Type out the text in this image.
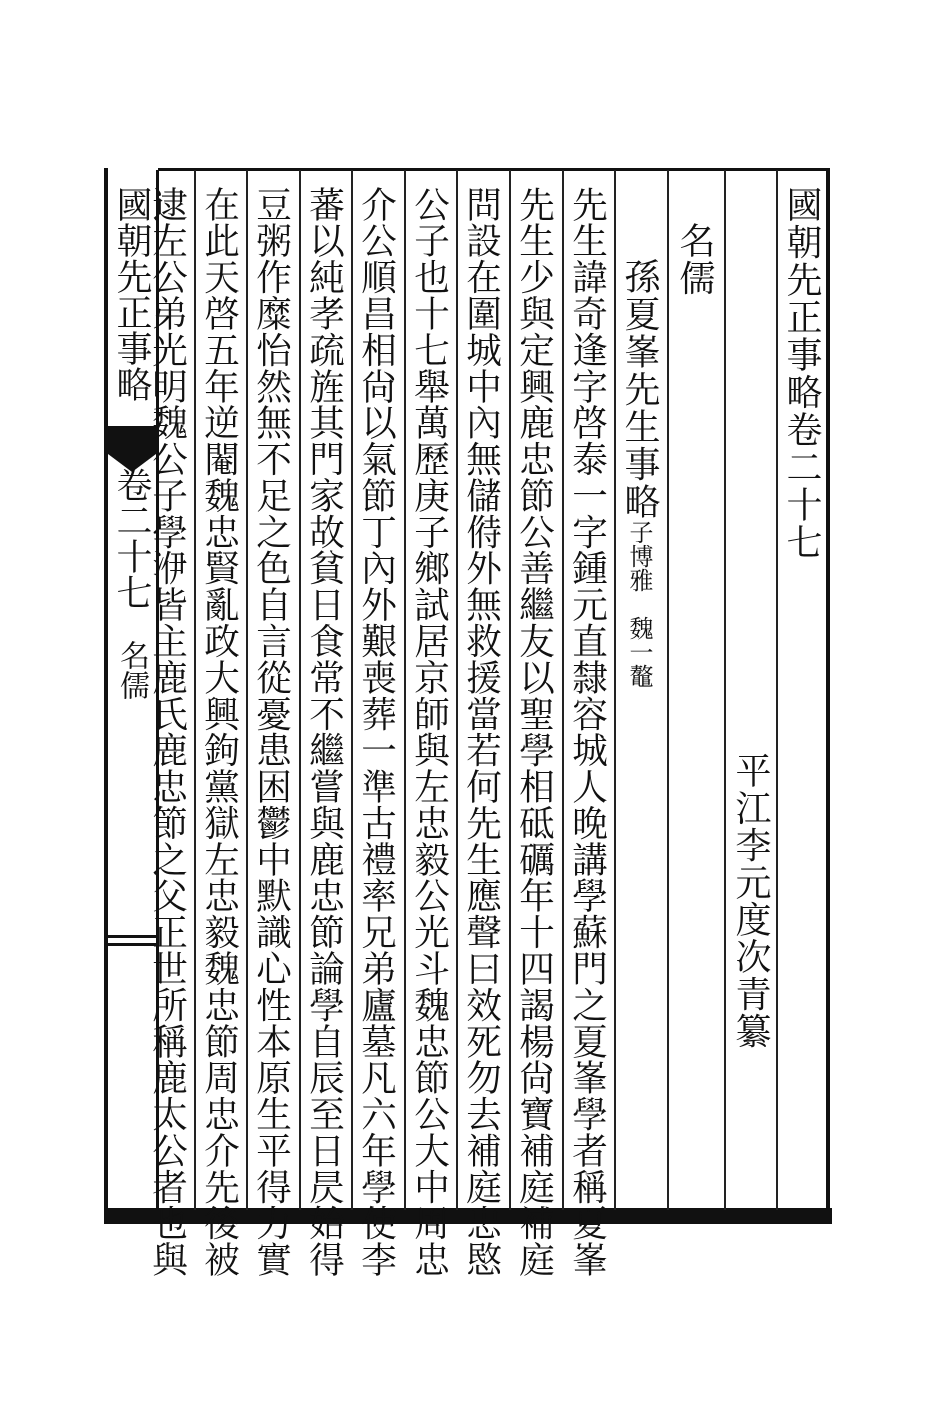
國朝先正事略卷二十七
平江李元度次青纂
名儒
孫夏峯先生事略
子博雅　魏一鼇
先生諱奇逢字啓泰一字鍾元直隸容城人晚講學蘇門之夏峯學者稱夏峯
先生少與定興鹿忠節公善繼友以聖學相砥礪年十四謁楊尙寶補庭補庭
問設在圍城中內無儲偫外無救援當若何先生應聲曰效死勿去補庭忠愍
公子也十七舉萬歷庚子鄉試居京師與左忠毅公光斗魏忠節公大中周忠
介公順昌相尙以氣節丁內外艱喪葬一準古禮率兄弟廬墓凡六年學使李
蕃以純孝疏旌其門家故貧日食常不繼嘗與鹿忠節論學自辰至日昃始得
豆粥作糜怡然無不足之色自言從憂患困鬱中默識心性本原生平得力實
在此天啓五年逆閹魏忠賢亂政大興鉤黨獄左忠毅魏忠節周忠介先後被
逮左公弟光明魏公子學洢皆主鹿氏鹿忠節之父正世所稱鹿太公者也與
國朝先正事略
卷二十七
名儒
